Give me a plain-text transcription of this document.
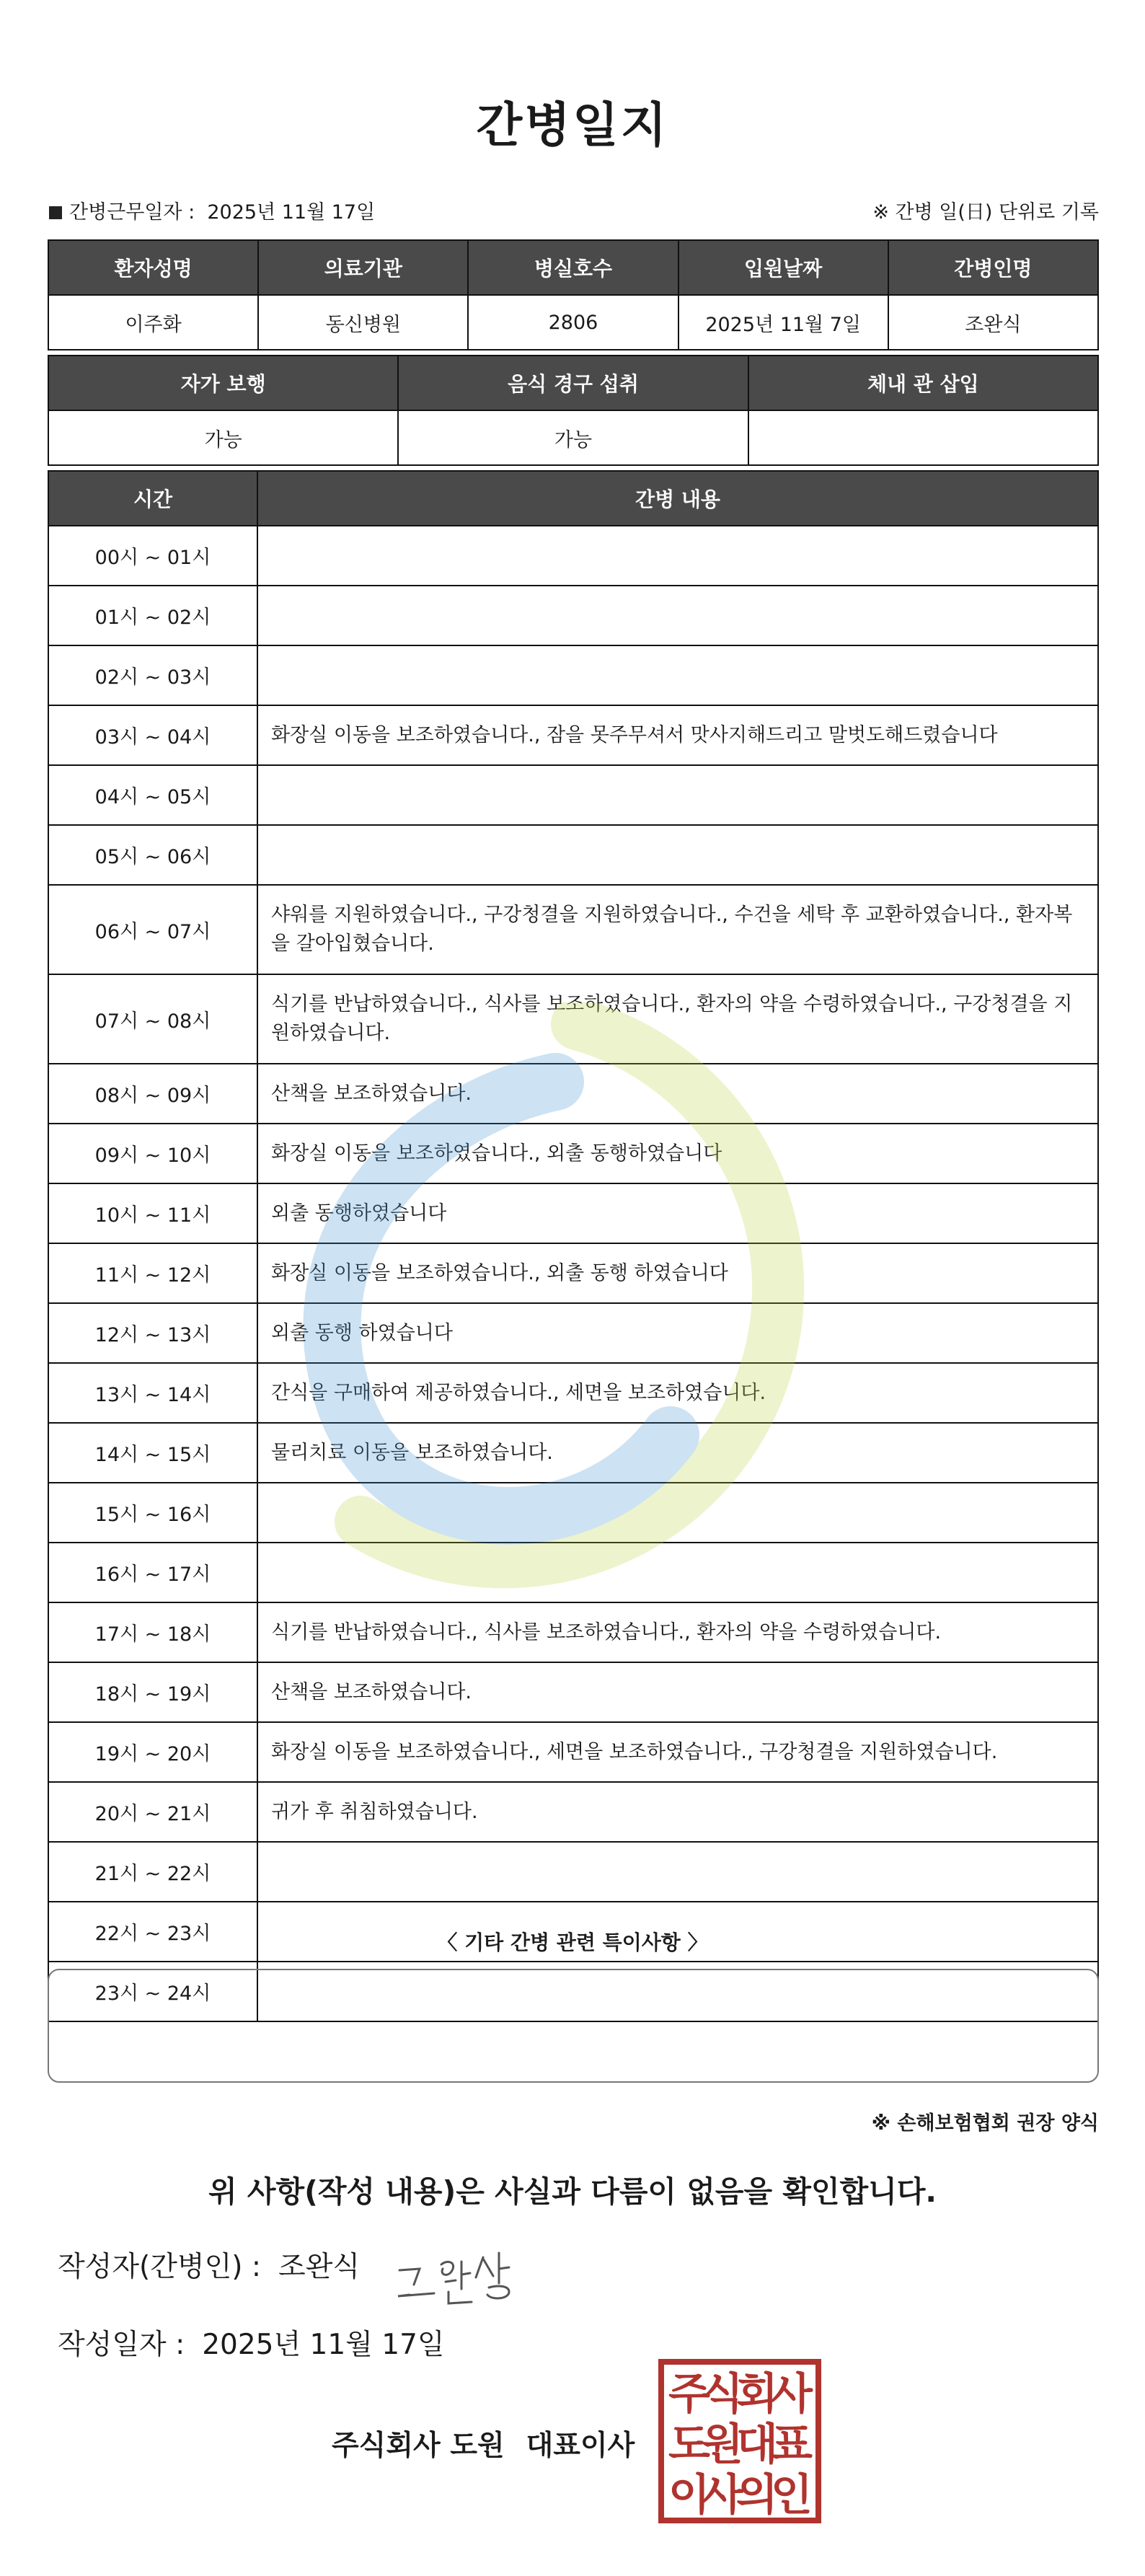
간병일지
간병근무일자 : 2025년 11월 17일	※ 간병 일(日) 단위로 기록
환자성명	의료기관	병실호수	입원날짜	간병인명
이주화	동신병원	2806	2025년 11월 7일	조완식
자가 보행	음식 경구 섭취	체내 관 삽입
가능	가능	
시간	간병 내용
00시 ~ 01시	
01시 ~ 02시	
02시 ~ 03시	
03시 ~ 04시	화장실 이동을 보조하였습니다., 잠을 못주무셔서 맛사지해드리고 말벗도해드렸습니다
04시 ~ 05시	
05시 ~ 06시	
06시 ~ 07시	샤워를 지원하였습니다., 구강청결을 지원하였습니다., 수건을 세탁 후 교환하였습니다., 환자복을 갈아입혔습니다.
07시 ~ 08시	식기를 반납하였습니다., 식사를 보조하였습니다., 환자의 약을 수령하였습니다., 구강청결을 지원하였습니다.
08시 ~ 09시	산책을 보조하였습니다.
09시 ~ 10시	화장실 이동을 보조하였습니다., 외출 동행하였습니다
10시 ~ 11시	외출 동행하였습니다
11시 ~ 12시	화장실 이동을 보조하였습니다., 외출 동행 하였습니다
12시 ~ 13시	외출 동행 하였습니다
13시 ~ 14시	간식을 구매하여 제공하였습니다., 세면을 보조하였습니다.
14시 ~ 15시	물리치료 이동을 보조하였습니다.
15시 ~ 16시	
16시 ~ 17시	
17시 ~ 18시	식기를 반납하였습니다., 식사를 보조하였습니다., 환자의 약을 수령하였습니다.
18시 ~ 19시	산책을 보조하였습니다.
19시 ~ 20시	화장실 이동을 보조하였습니다., 세면을 보조하였습니다., 구강청결을 지원하였습니다.
20시 ~ 21시	귀가 후 취침하였습니다.
21시 ~ 22시	
22시 ~ 23시	
23시 ~ 24시	
〈 기타 간병 관련 특이사항 〉
※ 손해보험협회 권장 양식
위 사항(작성 내용)은 사실과 다름이 없음을 확인합니다.
작성자(간병인) : 조완식
작성일자 : 2025년 11월 17일
주식회사 도원 대표이사
주
식
회
사
도
원
대
표
이
사
의
인
